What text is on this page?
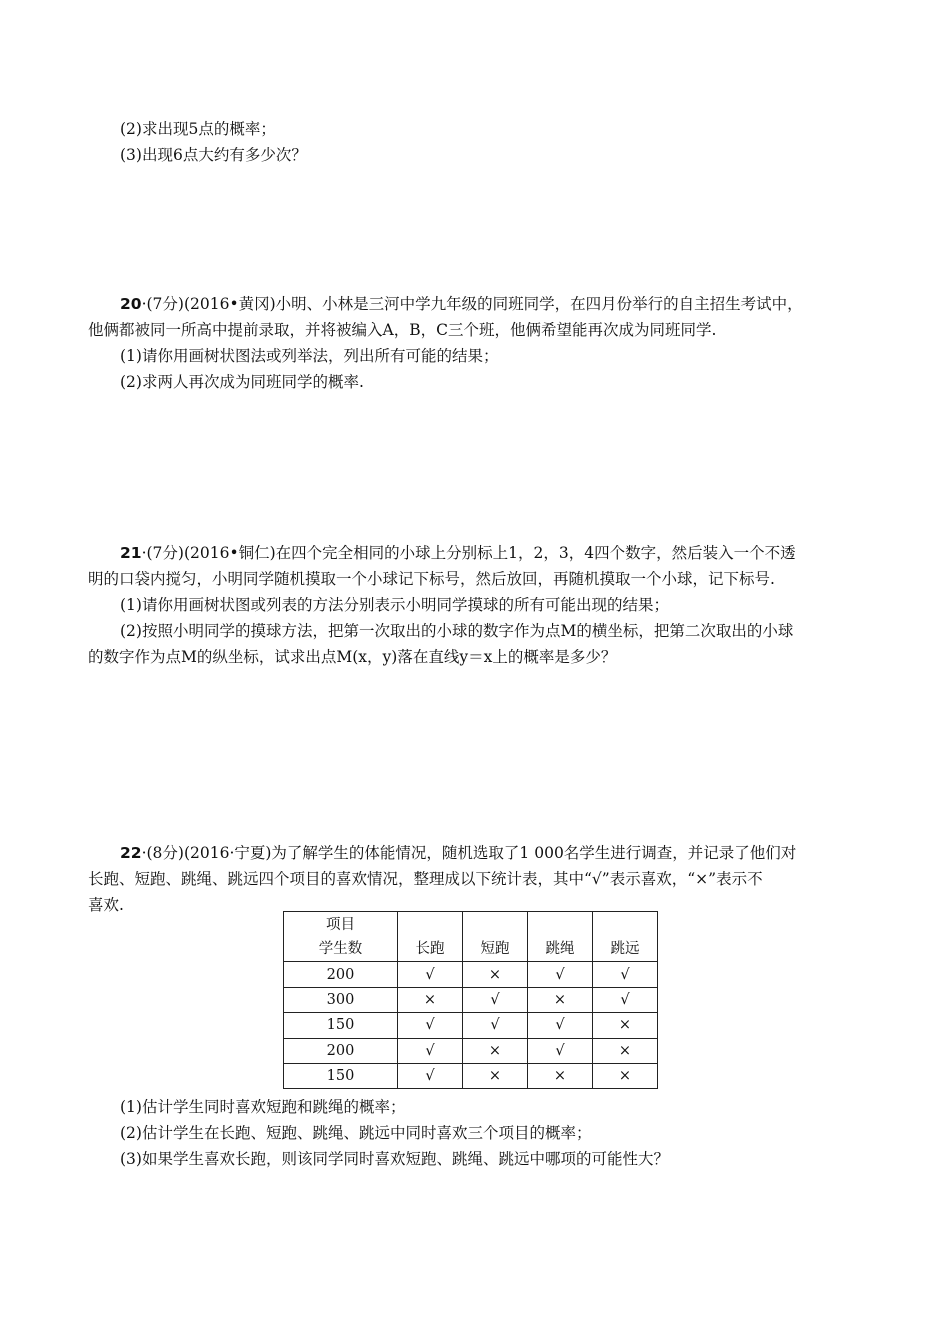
(2)求出现5点的概率；
(3)出现6点大约有多少次？
20·(7分)(2016•黄冈)小明、小林是三河中学九年级的同班同学，在四月份举行的自主招生考试中，
他俩都被同一所高中提前录取，并将被编入A，B，C三个班，他俩希望能再次成为同班同学.
(1)请你用画树状图法或列举法，列出所有可能的结果；
(2)求两人再次成为同班同学的概率.
21·(7分)(2016•铜仁)在四个完全相同的小球上分别标上1，2，3，4四个数字，然后装入一个不透
明的口袋内搅匀，小明同学随机摸取一个小球记下标号，然后放回，再随机摸取一个小球，记下标号.
(1)请你用画树状图或列表的方法分别表示小明同学摸球的所有可能出现的结果；
(2)按照小明同学的摸球方法，把第一次取出的小球的数字作为点M的横坐标，把第二次取出的小球
的数字作为点M的纵坐标，试求出点M(x，y)落在直线y＝x上的概率是多少？
22·(8分)(2016·宁夏)为了解学生的体能情况，随机选取了1 000名学生进行调查，并记录了他们对
长跑、短跑、跳绳、跳远四个项目的喜欢情况，整理成以下统计表，其中“√”表示喜欢，“×”表示不
喜欢.
项目	长跑	短跑	跳绳	跳远
学生数				
200	√	×	√	√
300	×	√	×	√
150	√	√	√	×
200	√	×	√	×
150	√	×	×	×
(1)估计学生同时喜欢短跑和跳绳的概率；
(2)估计学生在长跑、短跑、跳绳、跳远中同时喜欢三个项目的概率；
(3)如果学生喜欢长跑，则该同学同时喜欢短跑、跳绳、跳远中哪项的可能性大？
